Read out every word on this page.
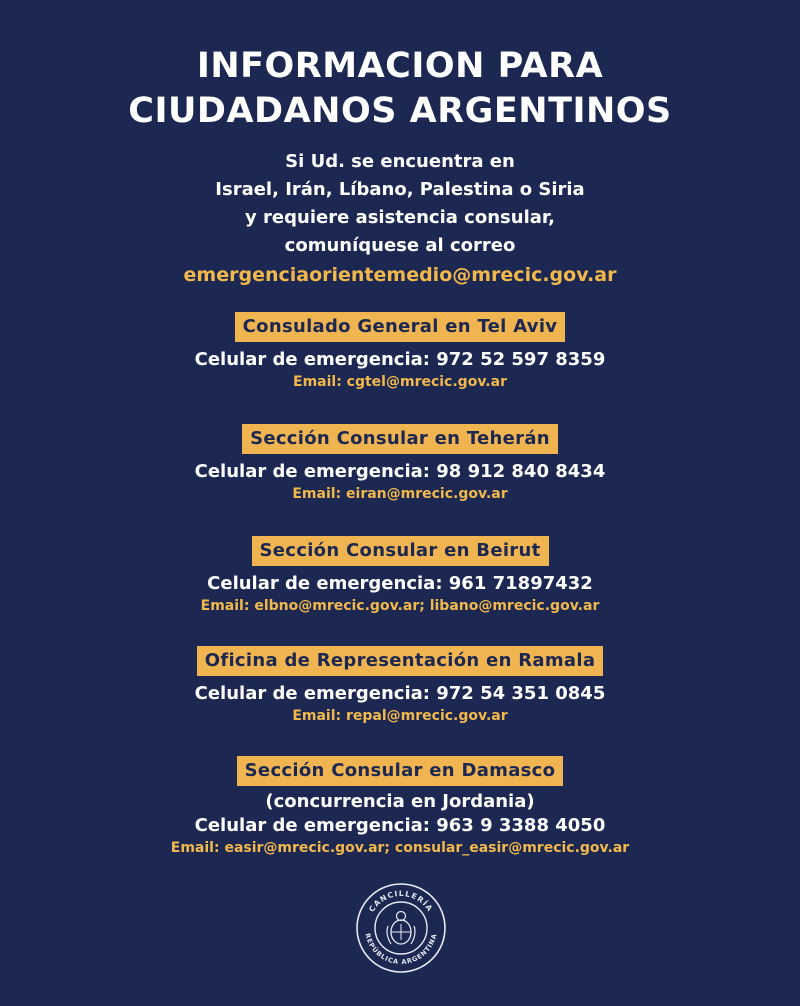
INFORMACION PARA
CIUDADANOS ARGENTINOS
Si Ud. se encuentra en
Israel, Irán, Líbano, Palestina o Siria
y requiere asistencia consular,
comuníquese al correo
emergenciaorientemedio@mrecic.gov.ar
Consulado General en Tel Aviv
Celular de emergencia: 972 52 597 8359
Email: cgtel@mrecic.gov.ar
Sección Consular en Teherán
Celular de emergencia: 98 912 840 8434
Email: eiran@mrecic.gov.ar
Sección Consular en Beirut
Celular de emergencia: 961 71897432
Email: elbno@mrecic.gov.ar; libano@mrecic.gov.ar
Oficina de Representación en Ramala
Celular de emergencia: 972 54 351 0845
Email: repal@mrecic.gov.ar
Sección Consular en Damasco
(concurrencia en Jordania)
Celular de emergencia: 963 9 3388 4050
Email: easir@mrecic.gov.ar; consular_easir@mrecic.gov.ar
CANCILLERÍA
REPÚBLICA ARGENTINA
